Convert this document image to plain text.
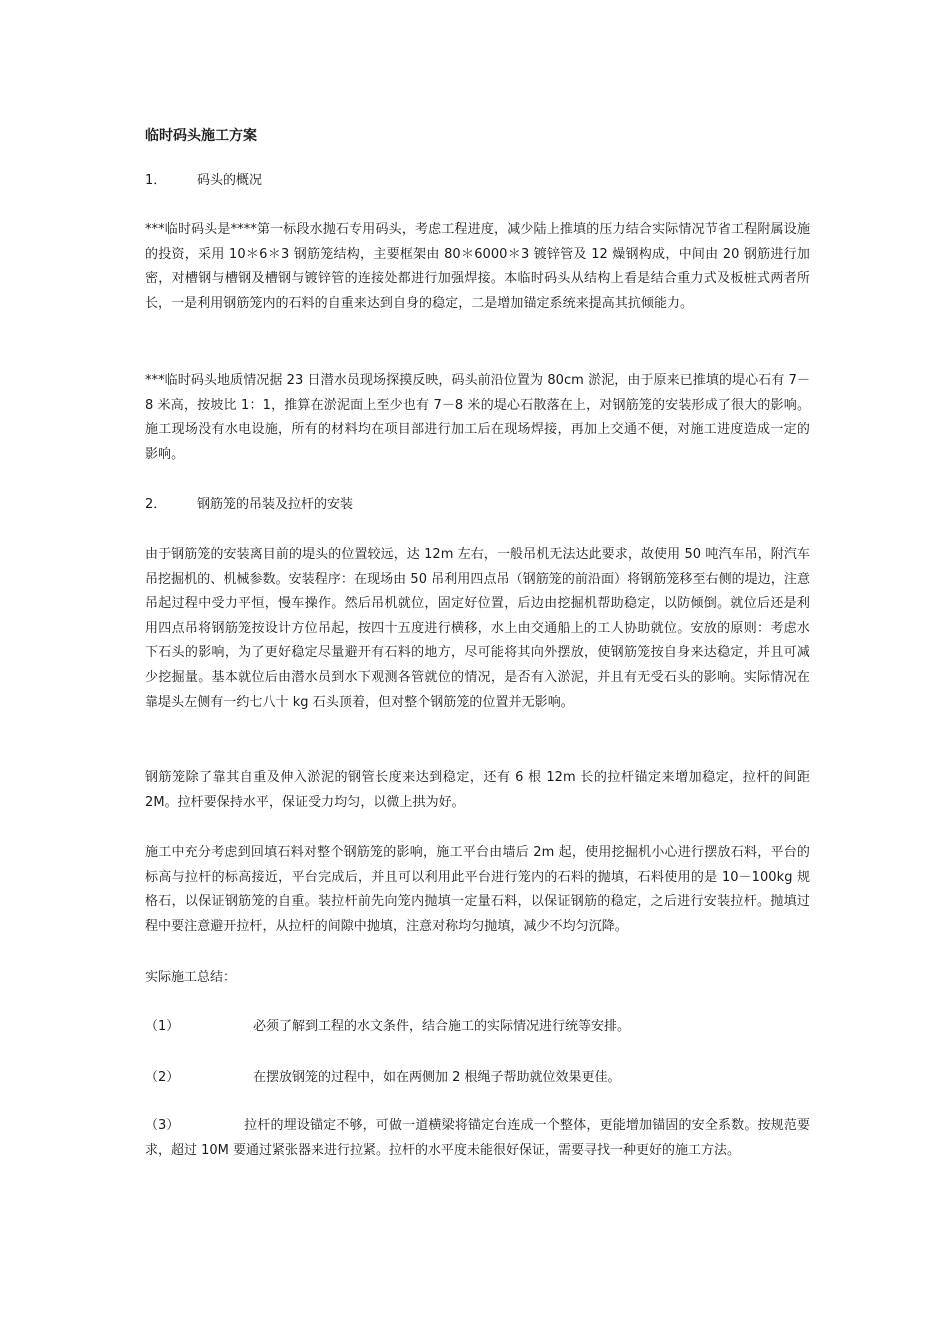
临时码头施工方案
1． 码头的概况
***临时码头是****第一标段水抛石专用码头，考虑工程进度，减少陆上推填的压力结合实际情况节省工程附属设施的投资，采用 10＊6＊3 钢筋笼结构，主要框架由 80＊6000＊3 镀锌管及 12 燥钢构成，中间由 20 钢筋进行加密，对槽钢与槽钢及槽钢与镀锌管的连接处都进行加强焊接。本临时码头从结构上看是结合重力式及板桩式两者所长，一是利用钢筋笼内的石料的自重来达到自身的稳定，二是增加锚定系统来提高其抗倾能力。
***临时码头地质情况据 23 日潜水员现场探摸反映，码头前沿位置为 80cm 淤泥，由于原来已推填的堤心石有 7－8 米高，按坡比 1：1，推算在淤泥面上至少也有 7－8 米的堤心石散落在上，对钢筋笼的安装形成了很大的影响。施工现场没有水电设施，所有的材料均在项目部进行加工后在现场焊接，再加上交通不便，对施工进度造成一定的影响。
2． 钢筋笼的吊装及拉杆的安装
由于钢筋笼的安装离目前的堤头的位置较远，达 12m 左右，一般吊机无法达此要求，故使用 50 吨汽车吊，附汽车吊挖掘机的、机械参数。安装程序：在现场由 50 吊利用四点吊（钢筋笼的前沿面）将钢筋笼移至右侧的堤边，注意吊起过程中受力平恒，慢车操作。然后吊机就位，固定好位置，后边由挖掘机帮助稳定，以防倾倒。就位后还是利用四点吊将钢筋笼按设计方位吊起，按四十五度进行横移，水上由交通船上的工人协助就位。安放的原则：考虑水下石头的影响，为了更好稳定尽量避开有石料的地方，尽可能将其向外摆放，使钢筋笼按自身来达稳定，并且可减少挖掘量。基本就位后由潜水员到水下观测各管就位的情况，是否有入淤泥，并且有无受石头的影响。实际情况在靠堤头左侧有一约七八十 kg 石头顶着，但对整个钢筋笼的位置并无影响。
钢筋笼除了靠其自重及伸入淤泥的钢管长度来达到稳定，还有 6 根 12m 长的拉杆锚定来增加稳定，拉杆的间距 2M。拉杆要保持水平，保证受力均匀，以微上拱为好。
施工中充分考虑到回填石料对整个钢筋笼的影响，施工平台由墙后 2m 起，使用挖掘机小心进行摆放石料，平台的标高与拉杆的标高接近，平台完成后，并且可以利用此平台进行笼内的石料的抛填，石料使用的是 10－100kg 规格石，以保证钢筋笼的自重。装拉杆前先向笼内抛填一定量石料，以保证钢筋的稳定，之后进行安装拉杆。抛填过程中要注意避开拉杆，从拉杆的间隙中抛填，注意对称均匀抛填，减少不均匀沉降。
实际施工总结：
（1）	必须了解到工程的水文条件，结合施工的实际情况进行统等安排。
（2）	在摆放钢笼的过程中，如在两侧加 2 根绳子帮助就位效果更佳。
（3）	拉杆的埋设锚定不够，可做一道横梁将锚定台连成一个整体，更能增加锚固的安全系数。按规范要求，超过 10M 要通过紧张器来进行拉紧。拉杆的水平度未能很好保证，需要寻找一种更好的施工方法。
